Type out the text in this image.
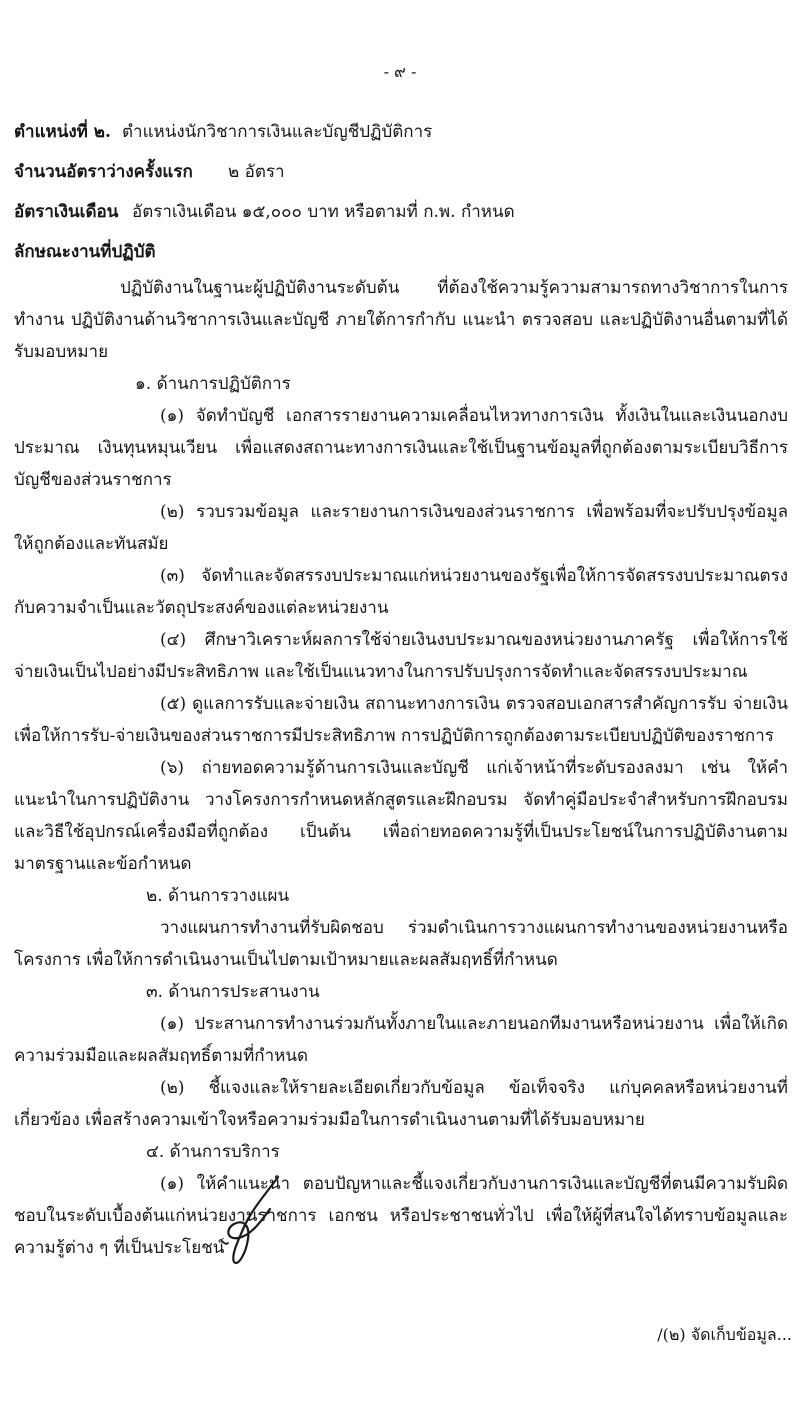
- ๙ -
ตำแหน่งที่ ๒. ตำแหน่งนักวิชาการเงินและบัญชีปฏิบัติการ
จำนวนอัตราว่างครั้งแรก	๒ อัตรา
อัตราเงินเดือน อัตราเงินเดือน ๑๕,๐๐๐ บาท หรือตามที่ ก.พ. กำหนด
ลักษณะงานที่ปฏิบัติ

ปฏิบัติงานในฐานะผู้ปฏิบัติงานระดับต้น ที่ต้องใช้ความรู้ความสามารถทางวิชาการในการทำงาน ปฏิบัติงานด้านวิชาการเงินและบัญชี ภายใต้การกำกับ แนะนำ ตรวจสอบ และปฏิบัติงานอื่นตามที่ได้รับมอบหมาย

๑. ด้านการปฏิบัติการ

(๑) จัดทำบัญชี เอกสารรายงานความเคลื่อนไหวทางการเงิน ทั้งเงินในและเงินนอกงบประมาณ เงินทุนหมุนเวียน เพื่อแสดงสถานะทางการเงินและใช้เป็นฐานข้อมูลที่ถูกต้องตามระเบียบวิธีการบัญชีของส่วนราชการ

(๒) รวบรวมข้อมูล และรายงานการเงินของส่วนราชการ เพื่อพร้อมที่จะปรับปรุงข้อมูลให้ถูกต้องและทันสมัย

(๓) จัดทำและจัดสรรงบประมาณแก่หน่วยงานของรัฐเพื่อให้การจัดสรรงบประมาณตรงกับความจำเป็นและวัตถุประสงค์ของแต่ละหน่วยงาน

(๔) ศึกษาวิเคราะห์ผลการใช้จ่ายเงินงบประมาณของหน่วยงานภาครัฐ เพื่อให้การใช้จ่ายเงินเป็นไปอย่างมีประสิทธิภาพ และใช้เป็นแนวทางในการปรับปรุงการจัดทำและจัดสรรงบประมาณ

(๕) ดูแลการรับและจ่ายเงิน สถานะทางการเงิน ตรวจสอบเอกสารสำคัญการรับ จ่ายเงิน เพื่อให้การรับ-จ่ายเงินของส่วนราชการมีประสิทธิภาพ การปฏิบัติการถูกต้องตามระเบียบปฏิบัติของราชการ

(๖) ถ่ายทอดความรู้ด้านการเงินและบัญชี แก่เจ้าหน้าที่ระดับรองลงมา เช่น ให้คำแนะนำในการปฏิบัติงาน วางโครงการกำหนดหลักสูตรและฝึกอบรม จัดทำคู่มือประจำสำหรับการฝึกอบรมและวิธีใช้อุปกรณ์เครื่องมือที่ถูกต้อง เป็นต้น เพื่อถ่ายทอดความรู้ที่เป็นประโยชน์ในการปฏิบัติงานตามมาตรฐานและข้อกำหนด

๒. ด้านการวางแผน

วางแผนการทำงานที่รับผิดชอบ ร่วมดำเนินการวางแผนการทำงานของหน่วยงานหรือโครงการ เพื่อให้การดำเนินงานเป็นไปตามเป้าหมายและผลสัมฤทธิ์ที่กำหนด

๓. ด้านการประสานงาน

(๑) ประสานการทำงานร่วมกันทั้งภายในและภายนอกทีมงานหรือหน่วยงาน เพื่อให้เกิดความร่วมมือและผลสัมฤทธิ์ตามที่กำหนด

(๒) ชี้แจงและให้รายละเอียดเกี่ยวกับข้อมูล ข้อเท็จจริง แก่บุคคลหรือหน่วยงานที่เกี่ยวข้อง เพื่อสร้างความเข้าใจหรือความร่วมมือในการดำเนินงานตามที่ได้รับมอบหมาย

๔. ด้านการบริการ

(๑) ให้คำแนะนำ ตอบปัญหาและชี้แจงเกี่ยวกับงานการเงินและบัญชีที่ตนมีความรับผิดชอบในระดับเบื้องต้นแก่หน่วยงานราชการ เอกชน หรือประชาชนทั่วไป เพื่อให้ผู้ที่สนใจได้ทราบข้อมูลและความรู้ต่าง ๆ ที่เป็นประโยชน์

/(๒) จัดเก็บข้อมูล...
